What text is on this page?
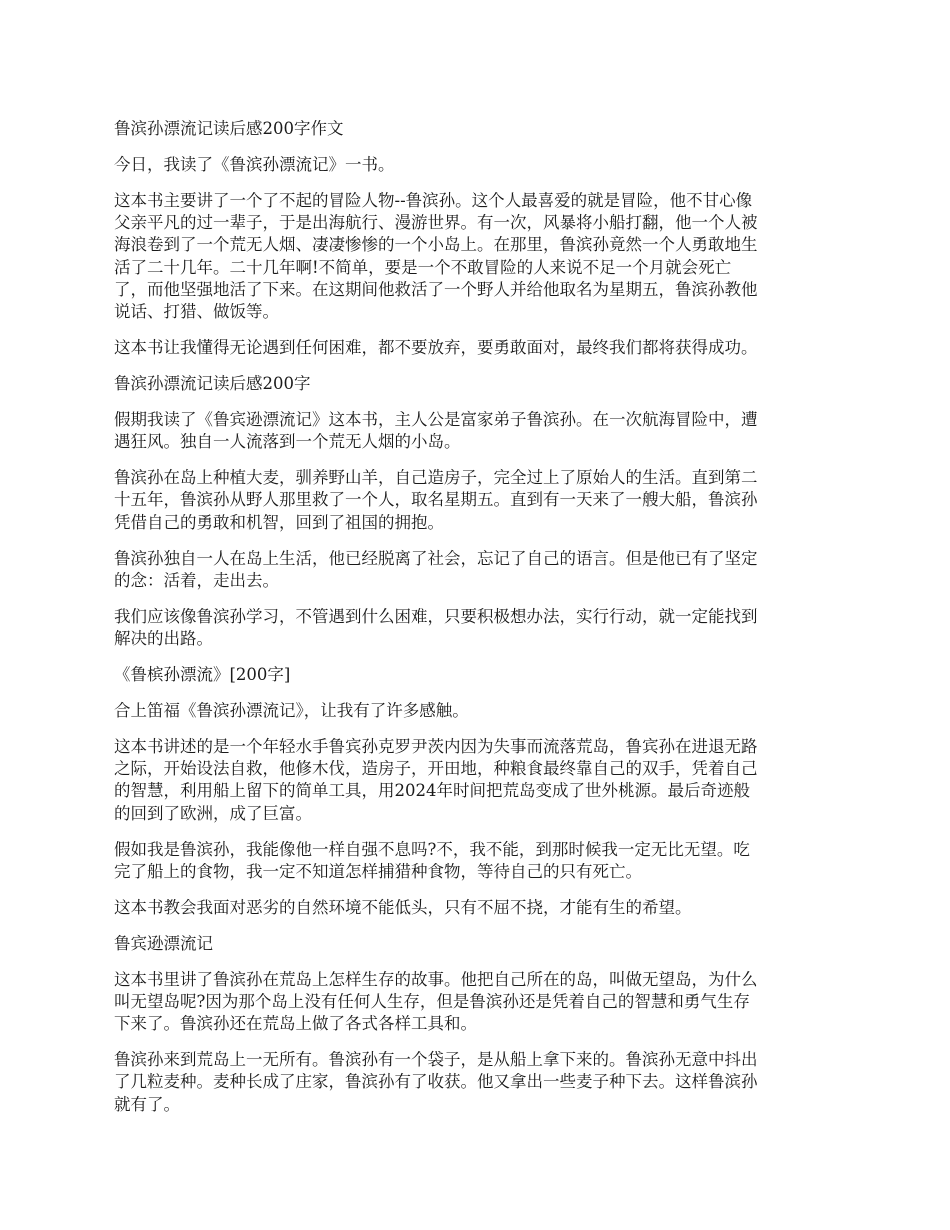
鲁滨孙漂流记读后感200字作文

今日，我读了《鲁滨孙漂流记》一书。

这本书主要讲了一个了不起的冒险人物--鲁滨孙。这个人最喜爱的就是冒险，他不甘心像
父亲平凡的过一辈子，于是出海航行、漫游世界。有一次，风暴将小船打翻，他一个人被
海浪卷到了一个荒无人烟、凄凄惨惨的一个小岛上。在那里，鲁滨孙竟然一个人勇敢地生
活了二十几年。二十几年啊!不简单，要是一个不敢冒险的人来说不足一个月就会死亡
了，而他坚强地活了下来。在这期间他救活了一个野人并给他取名为星期五，鲁滨孙教他
说话、打猎、做饭等。

这本书让我懂得无论遇到任何困难，都不要放弃，要勇敢面对，最终我们都将获得成功。

鲁滨孙漂流记读后感200字

假期我读了《鲁宾逊漂流记》这本书，主人公是富家弟子鲁滨孙。在一次航海冒险中，遭
遇狂风。独自一人流落到一个荒无人烟的小岛。

鲁滨孙在岛上种植大麦，驯养野山羊，自己造房子，完全过上了原始人的生活。直到第二
十五年，鲁滨孙从野人那里救了一个人，取名星期五。直到有一天来了一艘大船，鲁滨孙
凭借自己的勇敢和机智，回到了祖国的拥抱。

鲁滨孙独自一人在岛上生活，他已经脱离了社会，忘记了自己的语言。但是他已有了坚定
的念：活着，走出去。

我们应该像鲁滨孙学习，不管遇到什么困难，只要积极想办法，实行行动，就一定能找到
解决的出路。

《鲁槟孙漂流》[200字]

合上笛福《鲁滨孙漂流记》，让我有了许多感触。

这本书讲述的是一个年轻水手鲁宾孙克罗尹茨内因为失事而流落荒岛，鲁宾孙在进退无路
之际，开始设法自救，他修木伐，造房子，开田地，种粮食最终靠自己的双手，凭着自己
的智慧，利用船上留下的简单工具，用2024年时间把荒岛变成了世外桃源。最后奇迹般
的回到了欧洲，成了巨富。

假如我是鲁滨孙，我能像他一样自强不息吗?不，我不能，到那时候我一定无比无望。吃
完了船上的食物，我一定不知道怎样捕猎种食物，等待自己的只有死亡。

这本书教会我面对恶劣的自然环境不能低头，只有不屈不挠，才能有生的希望。

鲁宾逊漂流记

这本书里讲了鲁滨孙在荒岛上怎样生存的故事。他把自己所在的岛，叫做无望岛，为什么
叫无望岛呢?因为那个岛上没有任何人生存，但是鲁滨孙还是凭着自己的智慧和勇气生存
下来了。鲁滨孙还在荒岛上做了各式各样工具和。

鲁滨孙来到荒岛上一无所有。鲁滨孙有一个袋子，是从船上拿下来的。鲁滨孙无意中抖出
了几粒麦种。麦种长成了庄家，鲁滨孙有了收获。他又拿出一些麦子种下去。这样鲁滨孙
就有了。
